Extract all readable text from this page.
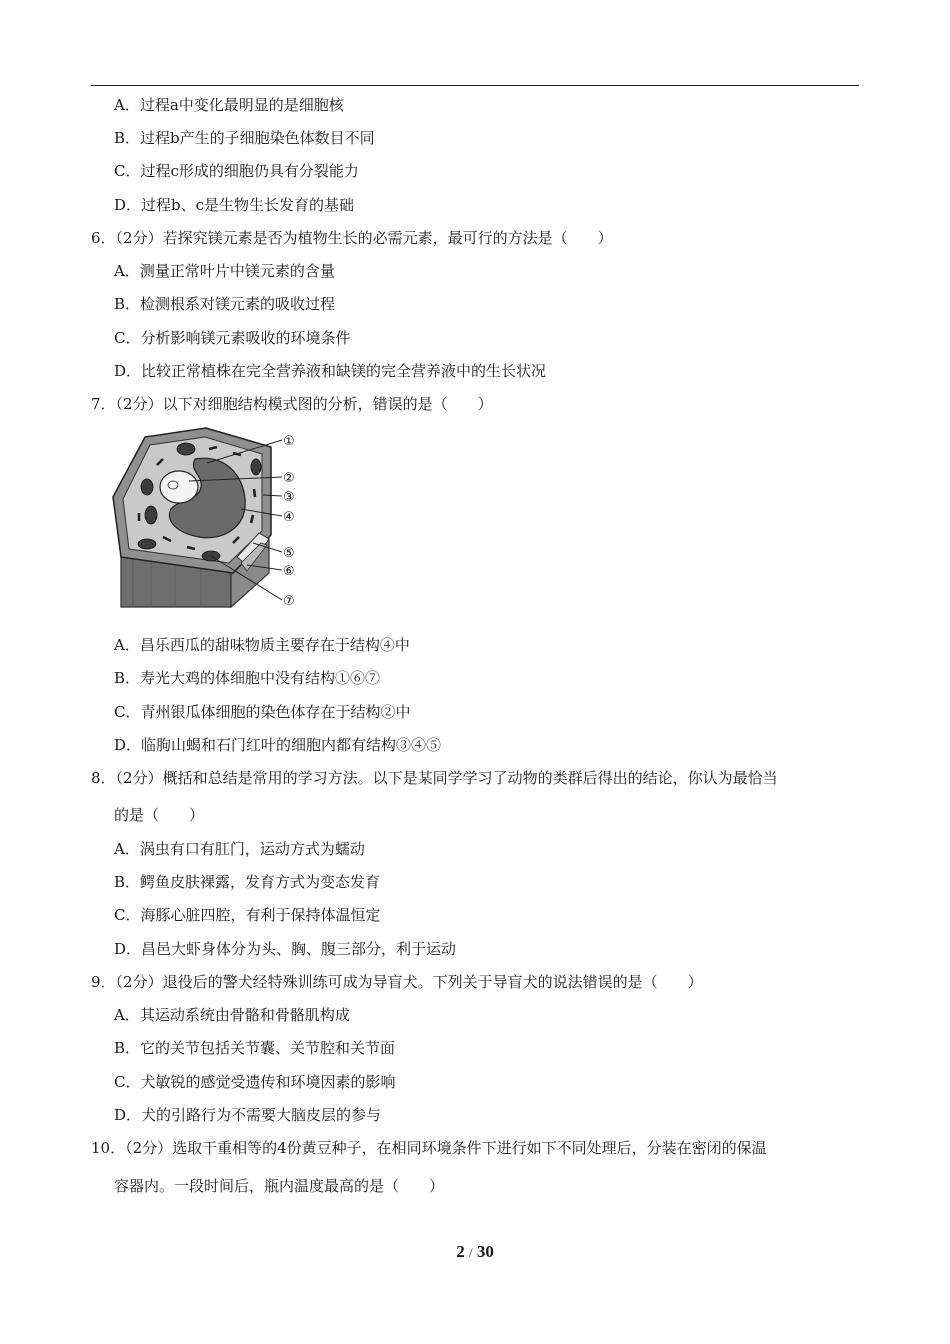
A．过程a中变化最明显的是细胞核
B．过程b产生的子细胞染色体数目不同
C．过程c形成的细胞仍具有分裂能力
D．过程b、c是生物生长发育的基础
6．（2分）若探究镁元素是否为植物生长的必需元素，最可行的方法是（　　）
A．测量正常叶片中镁元素的含量
B．检测根系对镁元素的吸收过程
C．分析影响镁元素吸收的环境条件
D．比较正常植株在完全营养液和缺镁的完全营养液中的生长状况
7．（2分）以下对细胞结构模式图的分析，错误的是（　　）
①
②
③
④
⑤
⑥
⑦
A．昌乐西瓜的甜味物质主要存在于结构④中
B．寿光大鸡的体细胞中没有结构①⑥⑦
C．青州银瓜体细胞的染色体存在于结构②中
D．临朐山蝎和石门红叶的细胞内都有结构③④⑤
8．（2分）概括和总结是常用的学习方法。以下是某同学学习了动物的类群后得出的结论，你认为最恰当
的是（　　）
A．涡虫有口有肛门，运动方式为蠕动
B．鳄鱼皮肤裸露，发育方式为变态发育
C．海豚心脏四腔，有利于保持体温恒定
D．昌邑大虾身体分为头、胸、腹三部分，利于运动
9．（2分）退役后的警犬经特殊训练可成为导盲犬。下列关于导盲犬的说法错误的是（　　）
A．其运动系统由骨骼和骨骼肌构成
B．它的关节包括关节囊、关节腔和关节面
C．犬敏锐的感觉受遗传和环境因素的影响
D．犬的引路行为不需要大脑皮层的参与
10．（2分）选取干重相等的4份黄豆种子，在相同环境条件下进行如下不同处理后，分装在密闭的保温
容器内。一段时间后，瓶内温度最高的是（　　）
2 / 30
